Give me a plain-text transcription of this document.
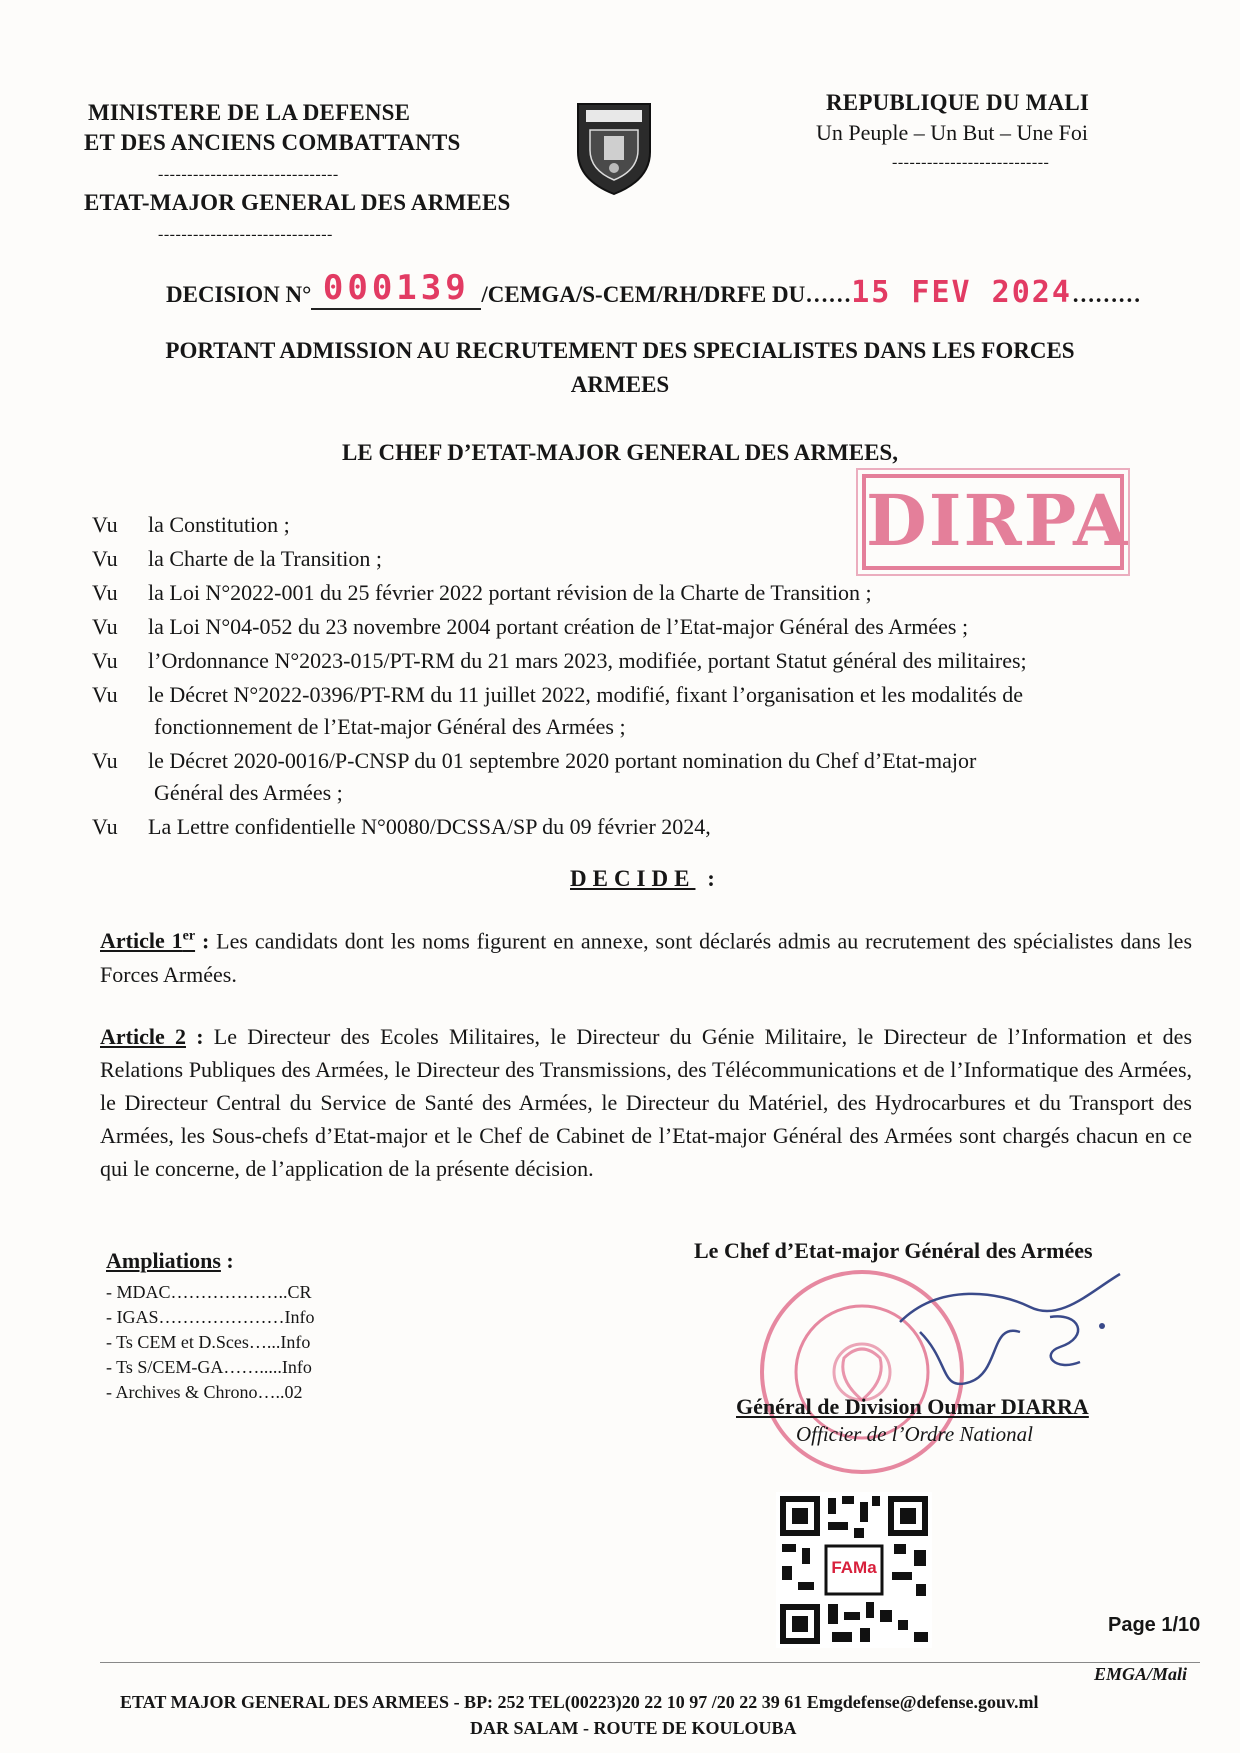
MINISTERE DE LA DEFENSE
ET DES ANCIENS COMBATTANTS
-------------------------------
ETAT-MAJOR GENERAL DES ARMEES
------------------------------
REPUBLIQUE DU MALI
Un Peuple – Un But – Une Foi
---------------------------
DECISION N° 000139 /CEMGA/S-CEM/RH/DRFE DU……15 FEV 2024………
PORTANT ADMISSION AU RECRUTEMENT DES SPECIALISTES DANS LES FORCES
ARMEES
LE CHEF D’ETAT-MAJOR GENERAL DES ARMEES,
DIRPA
Vu la Constitution ;
Vu la Charte de la Transition ;
Vu la Loi N°2022-001 du 25 février 2022 portant révision de la Charte de Transition ;
Vu la Loi N°04-052 du 23 novembre 2004 portant création de l’Etat-major Général des Armées ;
Vu l’Ordonnance N°2023-015/PT-RM du 21 mars 2023, modifiée, portant Statut général des militaires;
Vu le Décret N°2022-0396/PT-RM du 11 juillet 2022, modifié, fixant l’organisation et les modalités de
fonctionnement de l’Etat-major Général des Armées ;
Vu le Décret 2020-0016/P-CNSP du 01 septembre 2020 portant nomination du Chef d’Etat-major
Général des Armées ;
Vu La Lettre confidentielle N°0080/DCSSA/SP du 09 février 2024,
DECIDE :
Article 1er : Les candidats dont les noms figurent en annexe, sont déclarés admis au recrutement des spécialistes dans les Forces Armées.
Article 2 : Le Directeur des Ecoles Militaires, le Directeur du Génie Militaire, le Directeur de l’Information et des Relations Publiques des Armées, le Directeur des Transmissions, des Télécommunications et de l’Informatique des Armées, le Directeur Central du Service de Santé des Armées, le Directeur du Matériel, des Hydrocarbures et du Transport des Armées, les Sous-chefs d’Etat-major et le Chef de Cabinet de l’Etat-major Général des Armées sont chargés chacun en ce qui le concerne, de l’application de la présente décision.
Ampliations :
- MDAC………………..CR
- IGAS…………………Info
- Ts CEM et D.Sces…...Info
- Ts S/CEM-GA…….....Info
- Archives & Chrono…..02
Le Chef d’Etat-major Général des Armées
Général de Division Oumar DIARRA
Officier de l’Ordre National
FAMa
Page 1/10
EMGA/Mali
ETAT MAJOR GENERAL DES ARMEES - BP: 252 TEL(00223)20 22 10 97 /20 22 39 61 Emgdefense@defense.gouv.ml
DAR SALAM - ROUTE DE KOULOUBA
